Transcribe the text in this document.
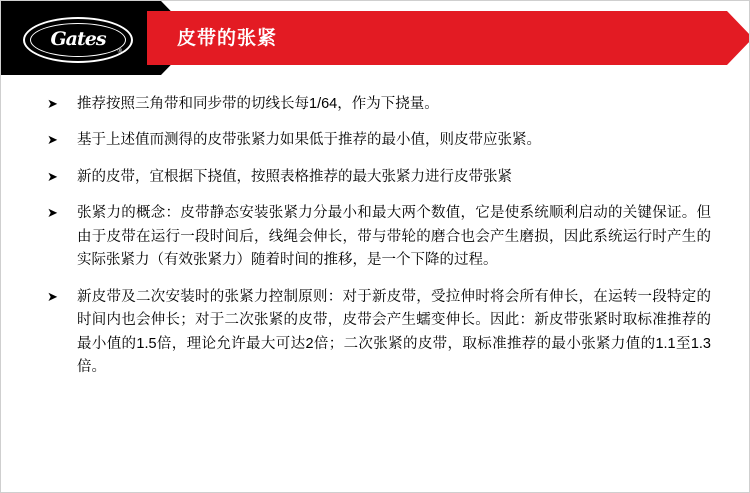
Gates
®
皮带的张紧
➤ 推荐按照三角带和同步带的切线长每1/64，作为下挠量。
➤ 基于上述值而测得的皮带张紧力如果低于推荐的最小值，则皮带应张紧。
➤ 新的皮带，宜根据下挠值，按照表格推荐的最大张紧力进行皮带张紧
➤ 张紧力的概念：皮带静态安装张紧力分最小和最大两个数值，它是使系统顺利启动的关键保证。但由于皮带在运行一段时间后，线绳会伸长，带与带轮的磨合也会产生磨损，因此系统运行时产生的实际张紧力（有效张紧力）随着时间的推移，是一个下降的过程。
➤ 新皮带及二次安装时的张紧力控制原则：对于新皮带，受拉伸时将会所有伸长，在运转一段特定的时间内也会伸长；对于二次张紧的皮带，皮带会产生蠕变伸长。因此：新皮带张紧时取标准推荐的最小值的1.5倍，理论允许最大可达2倍；二次张紧的皮带，取标准推荐的最小张紧力值的1.1至1.3倍。
